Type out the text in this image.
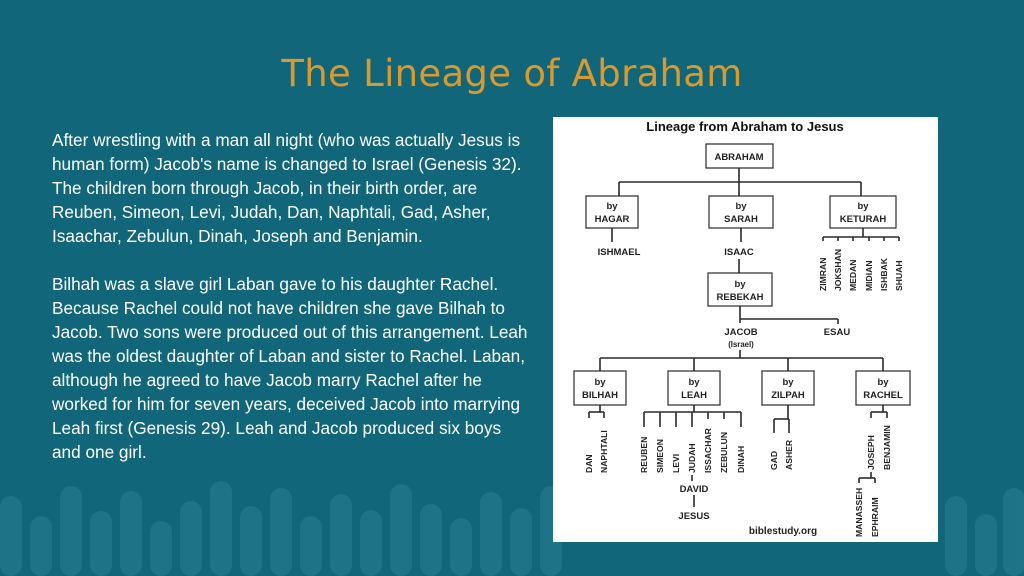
The Lineage of Abraham

After wrestling with a man all night (who was actually Jesus is human form) Jacob's name is changed to Israel (Genesis 32). The children born through Jacob, in their birth order, are Reuben, Simeon, Levi, Judah, Dan, Naphtali, Gad, Asher, Isaachar, Zebulun, Dinah, Joseph and Benjamin.

Bilhah was a slave girl Laban gave to his daughter Rachel. Because Rachel could not have children she gave Bilhah to Jacob. Two sons were produced out of this arrangement. Leah was the oldest daughter of Laban and sister to Rachel. Laban, although he agreed to have Jacob marry Rachel after he worked for him for seven years, deceived Jacob into marrying Leah first (Genesis 29). Leah and Jacob produced six boys and one girl.

Lineage from Abraham to Jesus
ABRAHAM
by
HAGAR
by
SARAH
by
KETURAH
ISHMAEL	ISAAC
ZIMRAN JOKSHAN MEDAN MIDIAN ISHBAK SHUAH
by
REBEKAH
JACOB
(Israel)
ESAU
by
BILHAH
by
LEAH
by
ZILPAH
by
RACHEL
DAN NAPHTALI	REUBEN SIMEON LEVI JUDAH ISSACHAR ZEBULUN DINAH
DAVID
JESUS
GAD ASHER	JOSEPH BENJAMIN
MANASSEH EPHRAIM
biblestudy.org
